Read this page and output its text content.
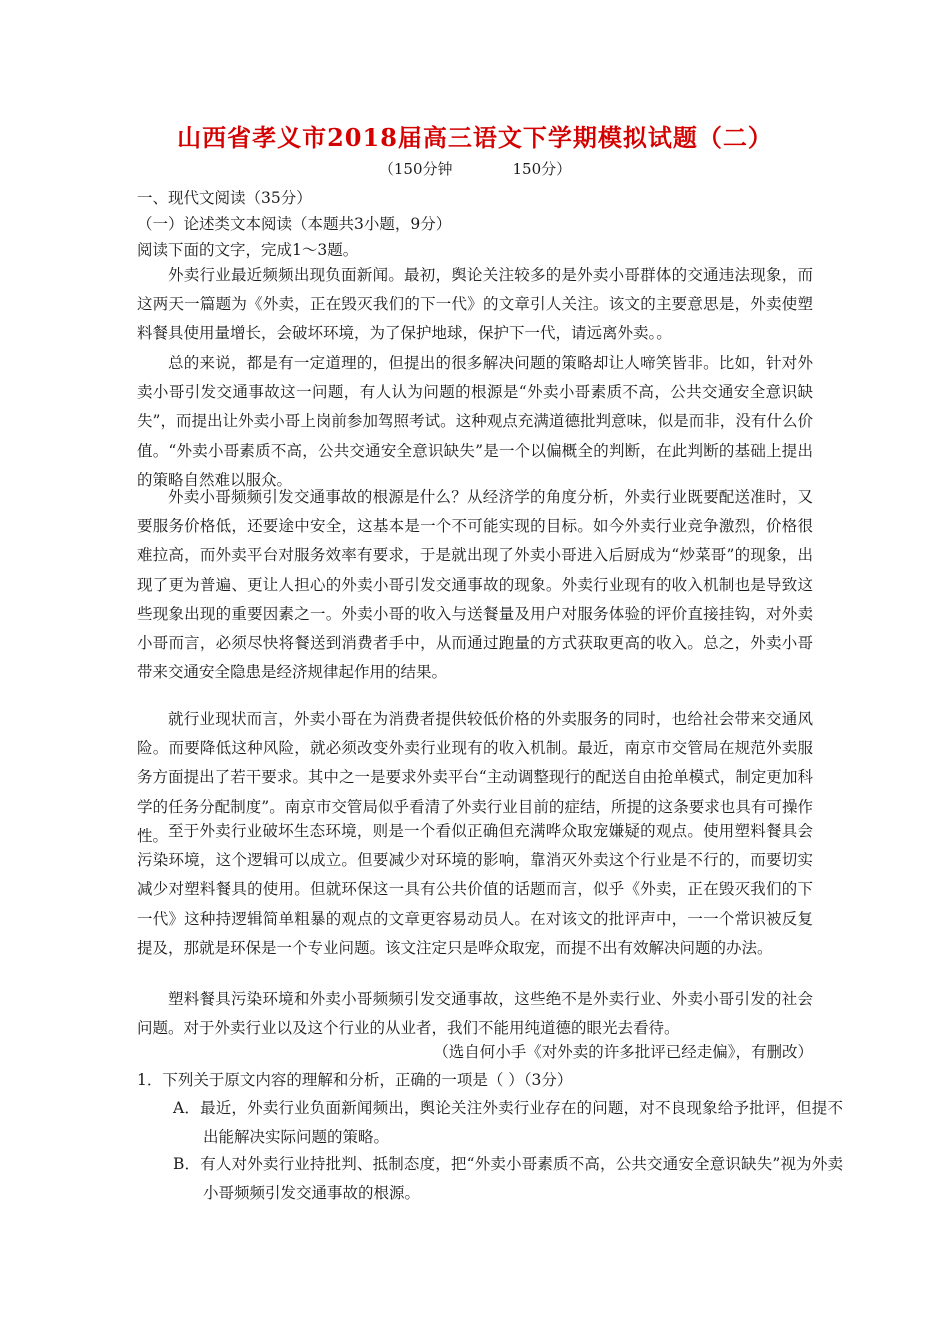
山西省孝义市2018届高三语文下学期模拟试题（二）
（150分钟	150分）
一、现代文阅读（35分）
（一）论述类文本阅读（本题共3小题，9分）
阅读下面的文字，完成1～3题。

外卖行业最近频频出现负面新闻。最初，舆论关注较多的是外卖小哥群体的交通违法现象，而这两天一篇题为《外卖，正在毁灭我们的下一代》的文章引人关注。该文的主要意思是，外卖使塑料餐具使用量增长，会破坏环境，为了保护地球，保护下一代，请远离外卖。。

总的来说，都是有一定道理的，但提出的很多解决问题的策略却让人啼笑皆非。比如，针对外卖小哥引发交通事故这一问题，有人认为问题的根源是“外卖小哥素质不高，公共交通安全意识缺失”，而提出让外卖小哥上岗前参加驾照考试。这种观点充满道德批判意味，似是而非，没有什么价值。“外卖小哥素质不高，公共交通安全意识缺失”是一个以偏概全的判断，在此判断的基础上提出的策略自然难以服众。

外卖小哥频频引发交通事故的根源是什么？从经济学的角度分析，外卖行业既要配送准时，又要服务价格低，还要途中安全，这基本是一个不可能实现的目标。如今外卖行业竞争激烈，价格很难拉高，而外卖平台对服务效率有要求，于是就出现了外卖小哥进入后厨成为“炒菜哥”的现象，出现了更为普遍、更让人担心的外卖小哥引发交通事故的现象。外卖行业现有的收入机制也是导致这些现象出现的重要因素之一。外卖小哥的收入与送餐量及用户对服务体验的评价直接挂钩，对外卖小哥而言，必须尽快将餐送到消费者手中，从而通过跑量的方式获取更高的收入。总之，外卖小哥带来交通安全隐患是经济规律起作用的结果。

就行业现状而言，外卖小哥在为消费者提供较低价格的外卖服务的同时，也给社会带来交通风险。而要降低这种风险，就必须改变外卖行业现有的收入机制。最近，南京市交管局在规范外卖服务方面提出了若干要求。其中之一是要求外卖平台“主动调整现行的配送自由抢单模式，制定更加科学的任务分配制度”。南京市交管局似乎看清了外卖行业目前的症结，所提的这条要求也具有可操作性。 至于外卖行业破坏生态环境，则是一个看似正确但充满哗众取宠嫌疑的观点。使用塑料餐具会污染环境，这个逻辑可以成立。但要减少对环境的影响，靠消灭外卖这个行业是不行的，而要切实减少对塑料餐具的使用。但就环保这一具有公共价值的话题而言，似乎《外卖，正在毁灭我们的下一代》这种持逻辑简单粗暴的观点的文章更容易动员人。在对该文的批评声中，一一个常识被反复提及，那就是环保是一个专业问题。该文注定只是哗众取宠，而提不出有效解决问题的办法。

塑料餐具污染环境和外卖小哥频频引发交通事故，这些绝不是外卖行业、外卖小哥引发的社会问题。对于外卖行业以及这个行业的从业者，我们不能用纯道德的眼光去看待。

（选自何小手《对外卖的许多批评已经走偏》，有删改）
1．下列关于原文内容的理解和分析，正确的一项是（ ）（3分）

A．最近，外卖行业负面新闻频出，舆论关注外卖行业存在的问题，对不良现象给予批评，但提不出能解决实际问题的策略。

B．有人对外卖行业持批判、抵制态度，把“外卖小哥素质不高，公共交通安全意识缺失”视为外卖小哥频频引发交通事故的根源。
